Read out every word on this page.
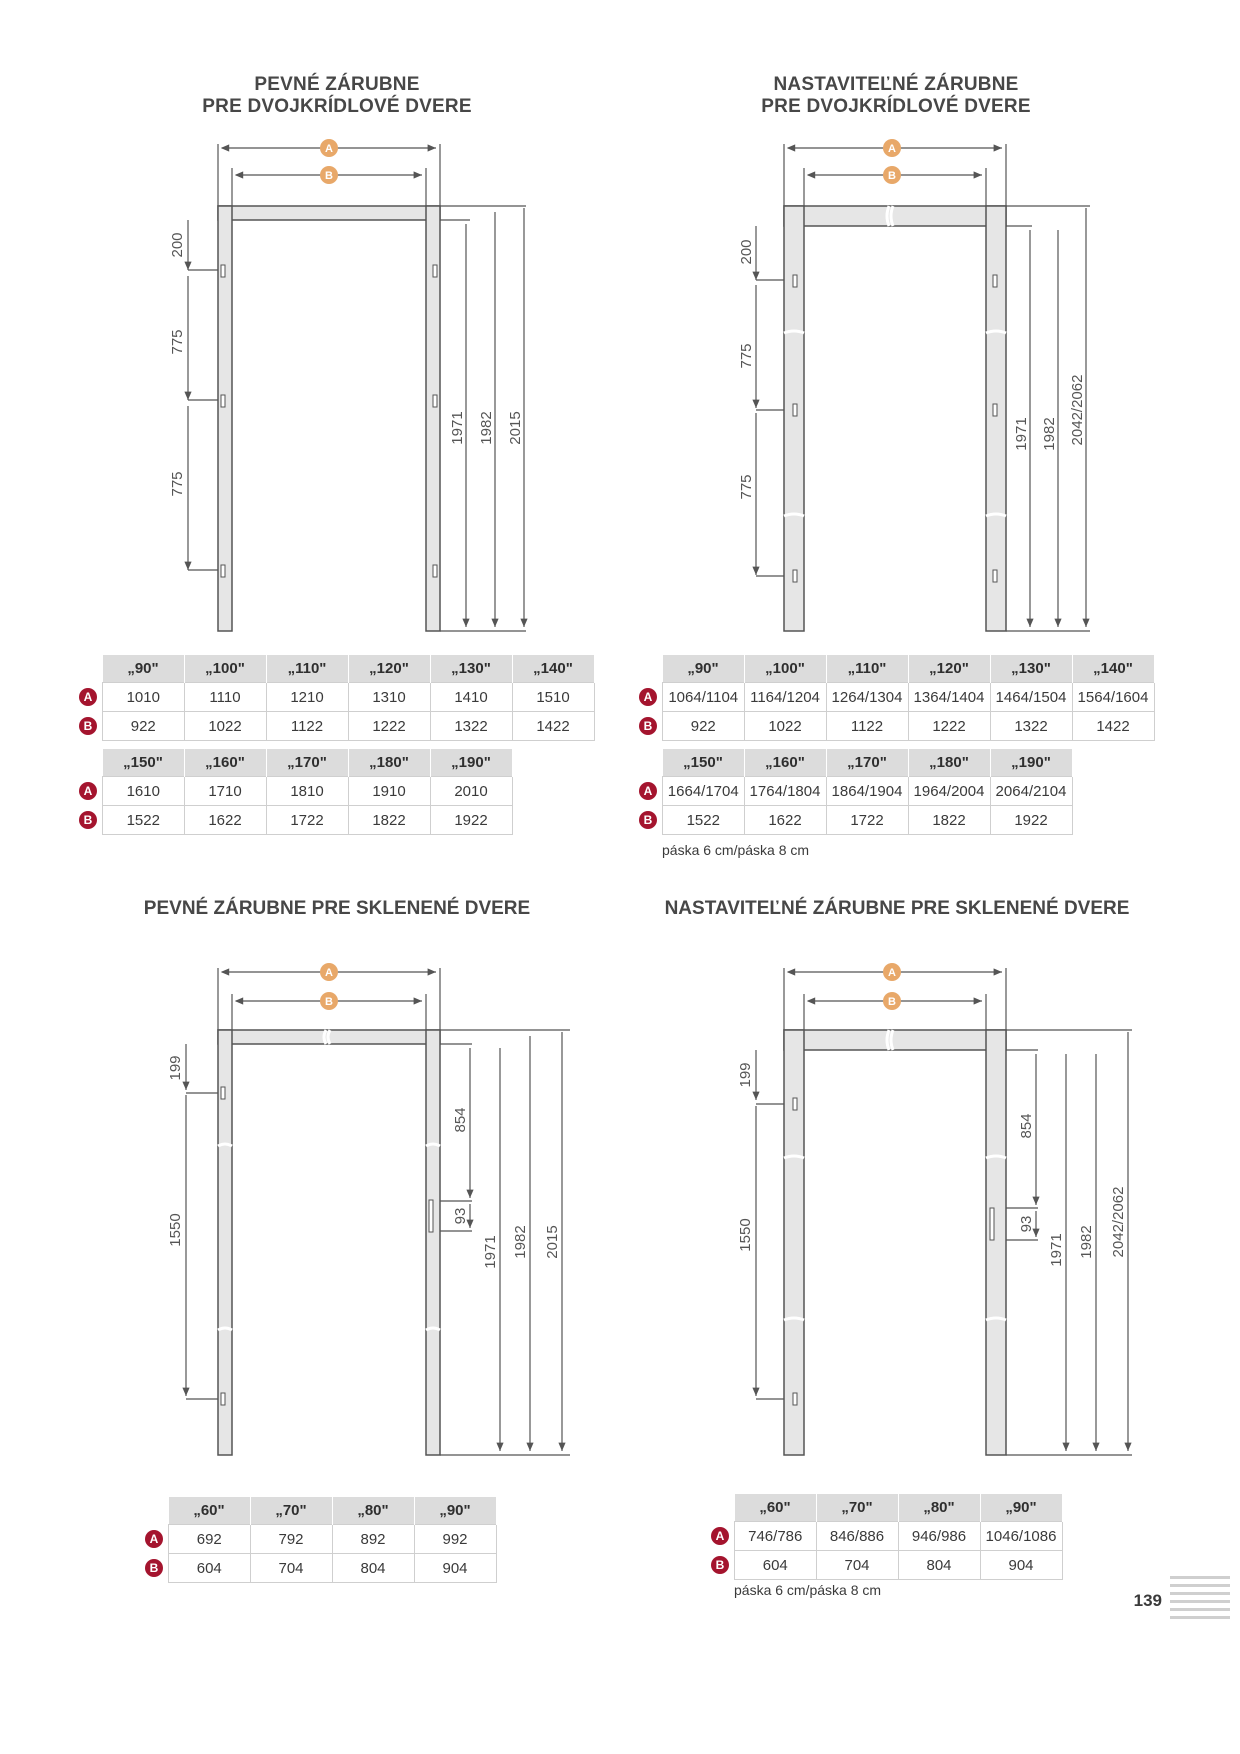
PEVNÉ ZÁRUBNE
PRE DVOJKRÍDLOVÉ DVERE
NASTAVITEĽNÉ ZÁRUBNE
PRE DVOJKRÍDLOVÉ DVERE
PEVNÉ ZÁRUBNE PRE SKLENENÉ DVERE	NASTAVITEĽNÉ ZÁRUBNE PRE SKLENENÉ DVERE
A
B
200
775
775
1971 1982 2015
A
B
200
775
775
1971 1982 2042/2062
A
B
199
1550
854
93
1971 1982 2015
A
B
199
1550
854
93
1971 1982 2042/2062
	„90"	„100"	„110"	„120"	„130"	„140"
A	1010	1110	1210	1310	1410	1510
B	922	1022	1122	1222	1322	1422
	„150"	„160"	„170"	„180"	„190"
A	1610	1710	1810	1910	2010
B	1522	1622	1722	1822	1922
	„90"	„100"	„110"	„120"	„130"	„140"
A	1064/1104	1164/1204	1264/1304	1364/1404	1464/1504	1564/1604
B	922	1022	1122	1222	1322	1422
	„150"	„160"	„170"	„180"	„190"
A	1664/1704	1764/1804	1864/1904	1964/2004	2064/2104
B	1522	1622	1722	1822	1922
páska 6 cm/páska 8 cm
	„60"	„70"	„80"	„90"
A	692	792	892	992
B	604	704	804	904
	„60"	„70"	„80"	„90"
A	746/786	846/886	946/986	1046/1086
B	604	704	804	904
páska 6 cm/páska 8 cm
139
